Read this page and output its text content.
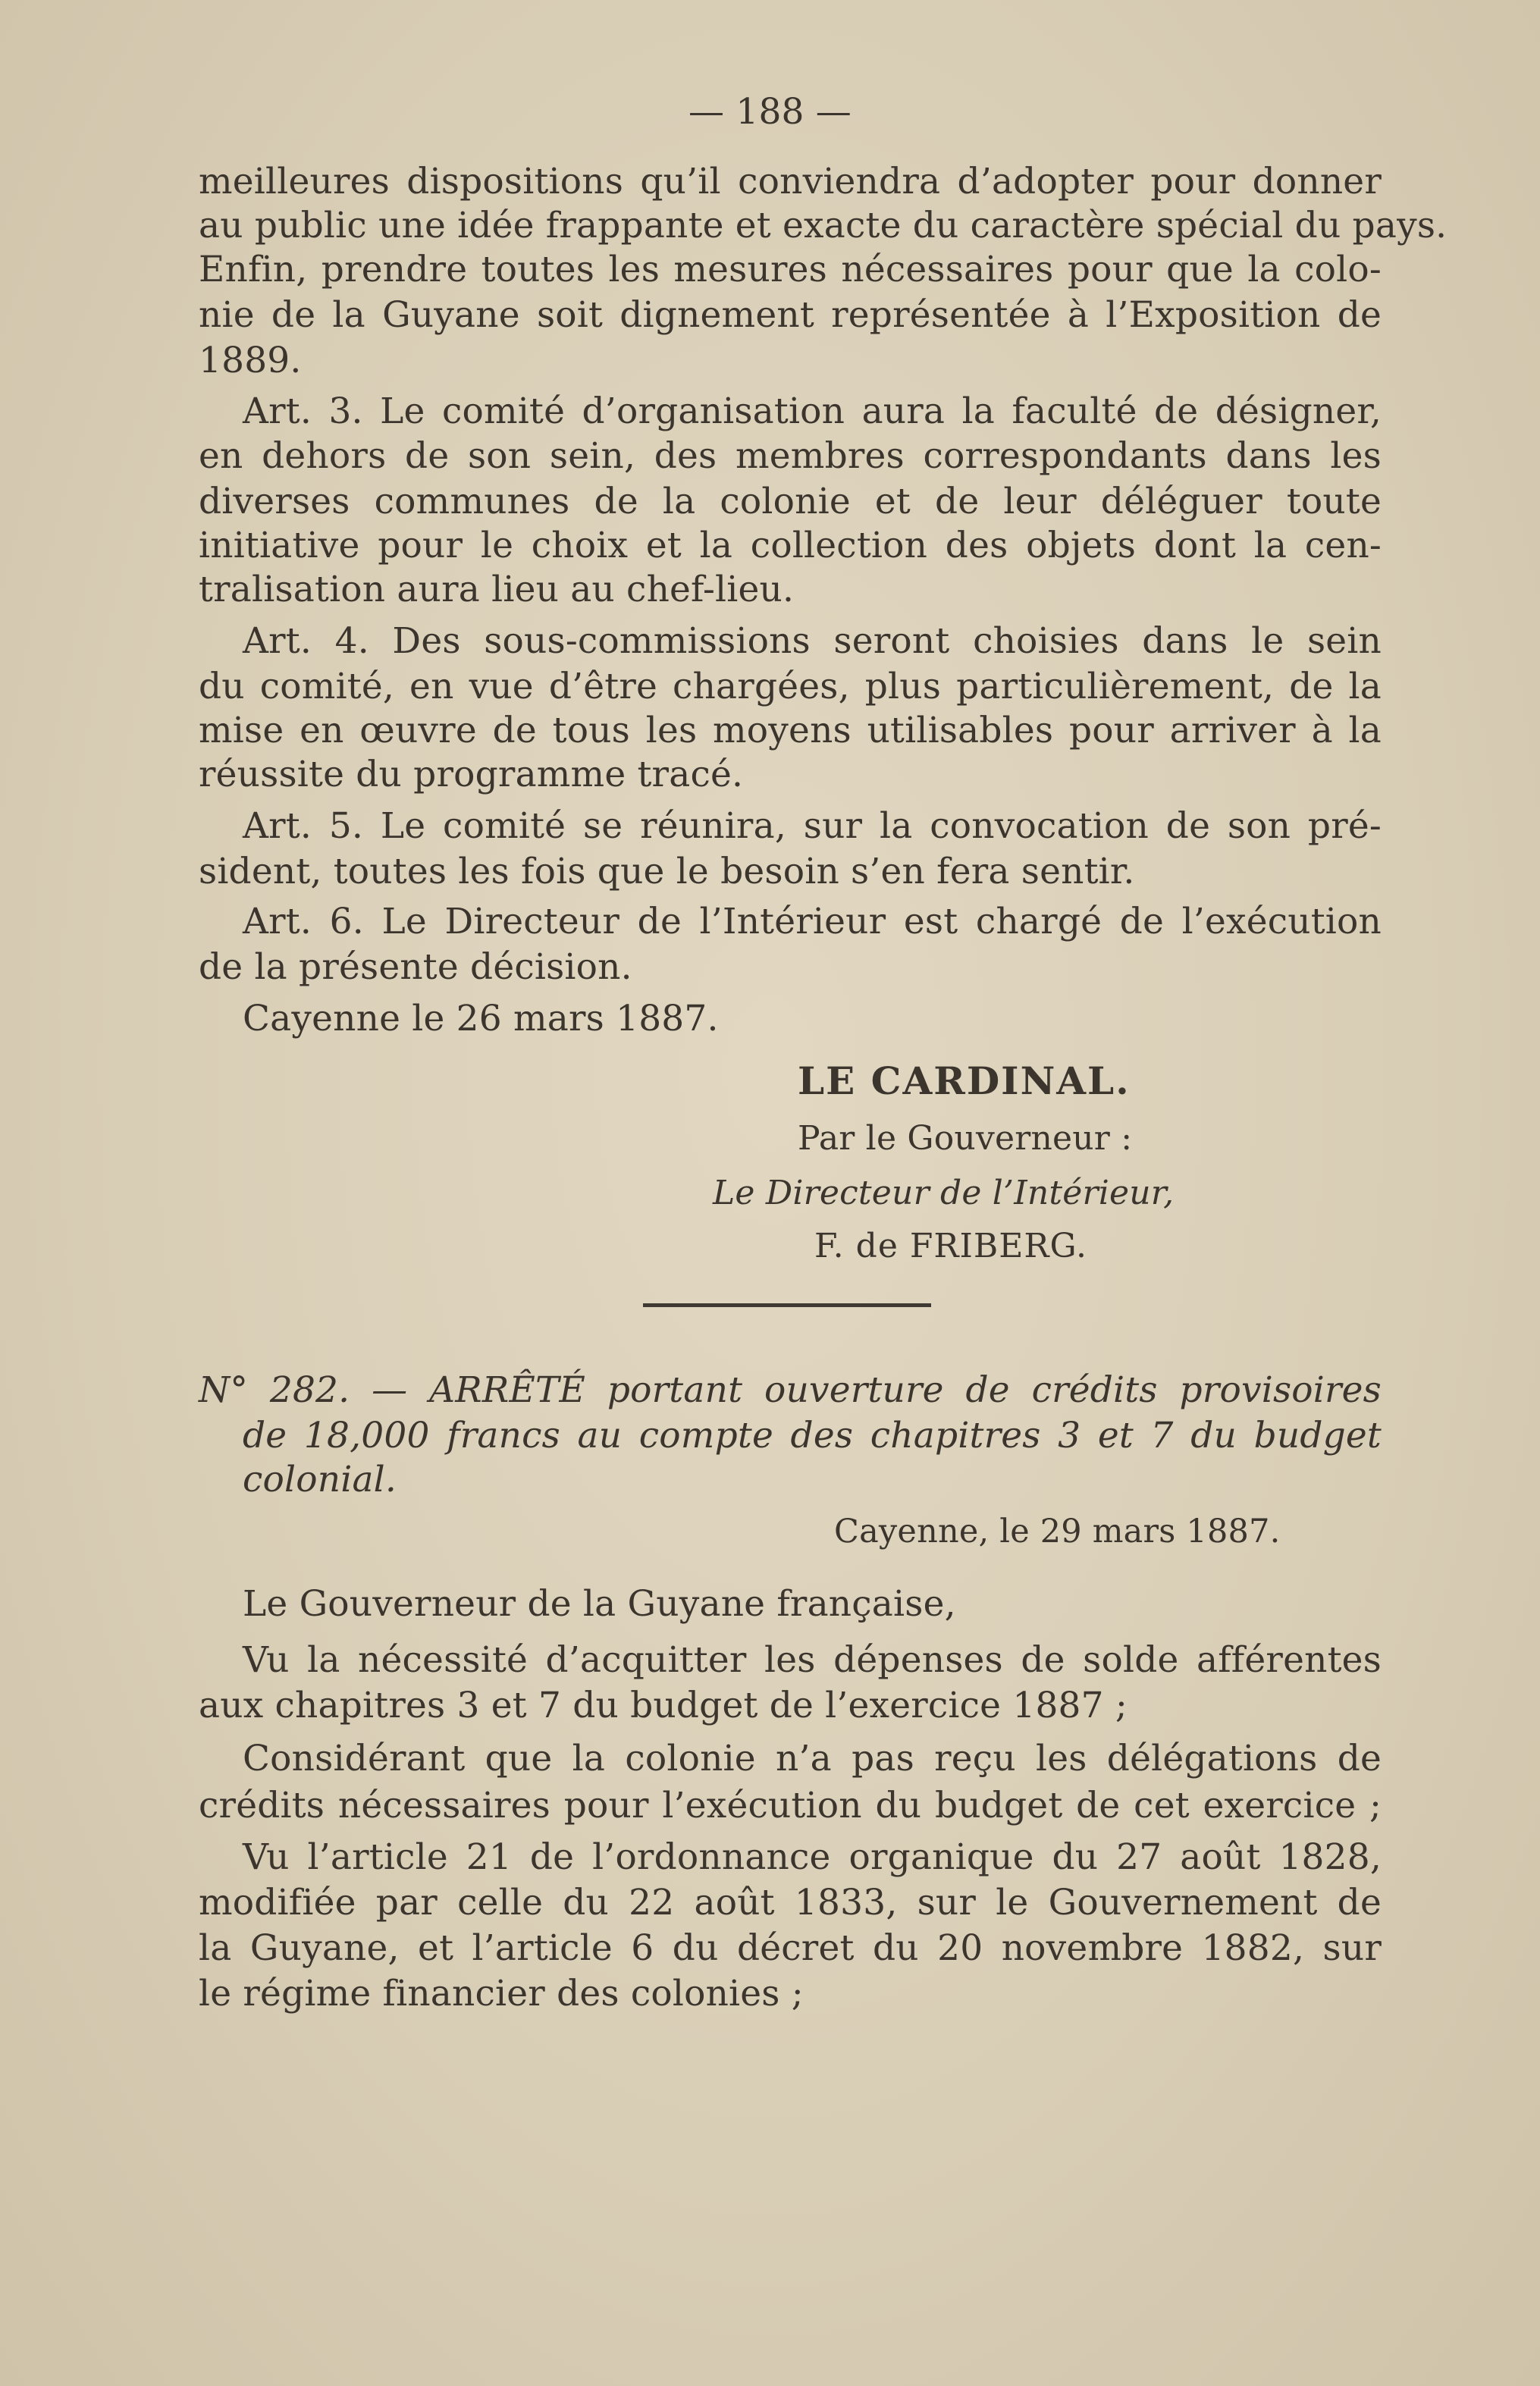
— 188 —
meilleures dispositions qu’il conviendra d’adopter pour donner
au public une idée frappante et exacte du caractère spécial du pays.
Enfin, prendre toutes les mesures nécessaires pour que la colo-
nie de la Guyane soit dignement représentée à l’Exposition de
1889.
Art. 3. Le comité d’organisation aura la faculté de désigner,
en dehors de son sein, des membres correspondants dans les
diverses communes de la colonie et de leur déléguer toute
initiative pour le choix et la collection des objets dont la cen-
tralisation aura lieu au chef-lieu.
Art. 4. Des sous-commissions seront choisies dans le sein
du comité, en vue d’être chargées, plus particulièrement, de la
mise en œuvre de tous les moyens utilisables pour arriver à la
réussite du programme tracé.
Art. 5. Le comité se réunira, sur la convocation de son pré-
sident, toutes les fois que le besoin s’en fera sentir.
Art. 6. Le Directeur de l’Intérieur est chargé de l’exécution
de la présente décision.
Cayenne le 26 mars 1887.
LE CARDINAL.
Par le Gouverneur :
Le Directeur de l’Intérieur,
F. de FRIBERG.
N° 282. — ARRÊTÉ portant ouverture de crédits provisoires
de 18,000 francs au compte des chapitres 3 et 7 du budget
colonial.
Cayenne, le 29 mars 1887.
Le Gouverneur de la Guyane française,
Vu la nécessité d’acquitter les dépenses de solde afférentes
aux chapitres 3 et 7 du budget de l’exercice 1887 ;
Considérant que la colonie n’a pas reçu les délégations de
crédits nécessaires pour l’exécution du budget de cet exercice ;
Vu l’article 21 de l’ordonnance organique du 27 août 1828,
modifiée par celle du 22 août 1833, sur le Gouvernement de
la Guyane, et l’article 6 du décret du 20 novembre 1882, sur
le régime financier des colonies ;
